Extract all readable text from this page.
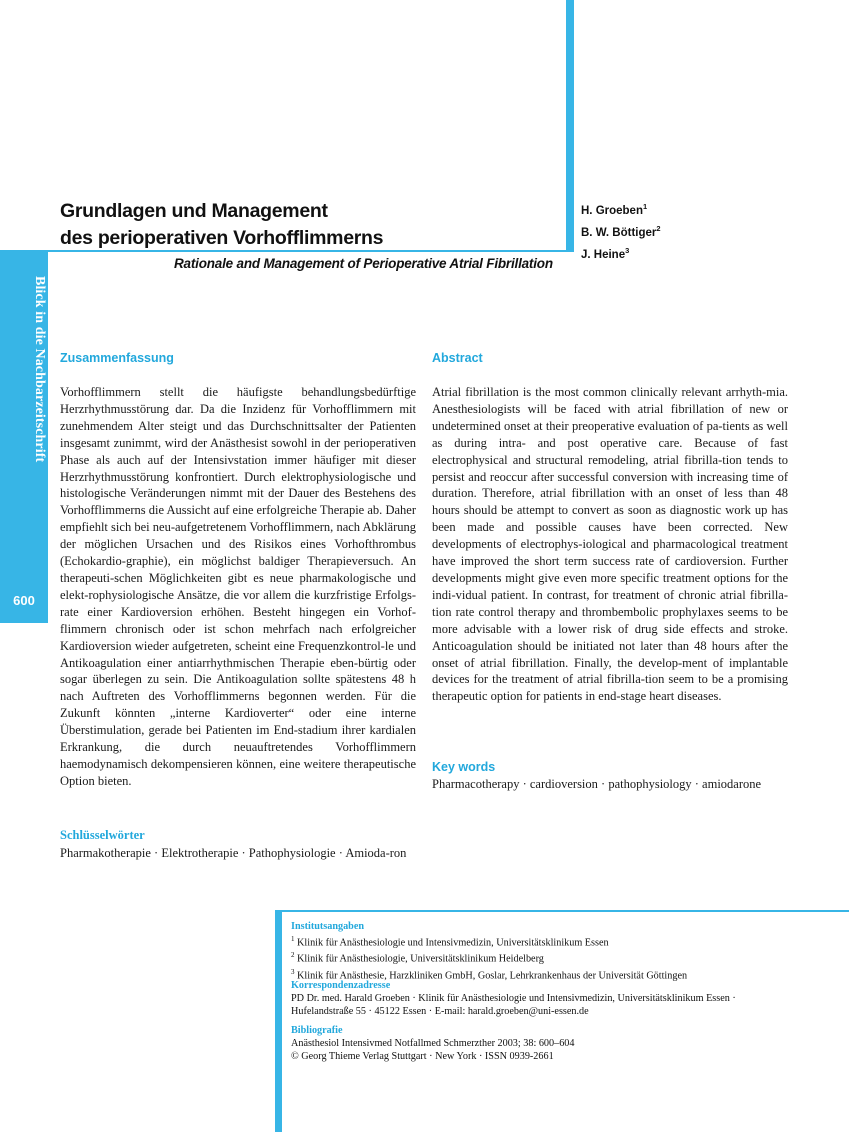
Blick in die Nachbarzeitschrift
600
Grundlagen und Management
des perioperativen Vorhofflimmerns
H. Groeben$^1$
B. W. Böttiger$^2$
J. Heine$^3$
Rationale and Management of Perioperative Atrial Fibrillation
Zusammenfassung
Vorhofflimmern stellt die häufigste behandlungsbedürftige Herzrhythmusstörung dar. Da die Inzidenz für Vorhofflimmern mit zunehmendem Alter steigt und das Durchschnittsalter der Patienten insgesamt zunimmt, wird der Anästhesist sowohl in der perioperativen Phase als auch auf der Intensivstation immer häufiger mit dieser Herzrhythmusstörung konfrontiert. Durch elektrophysiologische und histologische Veränderungen nimmt mit der Dauer des Bestehens des Vorhofflimmerns die Aussicht auf eine erfolgreiche Therapie ab. Daher empfiehlt sich bei neu-aufgetretenem Vorhofflimmern, nach Abklärung der möglichen Ursachen und des Risikos eines Vorhofthrombus (Echokardio-graphie), ein möglichst baldiger Therapieversuch. An therapeuti-schen Möglichkeiten gibt es neue pharmakologische und elekt-rophysiologische Ansätze, die vor allem die kurzfristige Erfolgs-rate einer Kardioversion erhöhen. Besteht hingegen ein Vorhof-flimmern chronisch oder ist schon mehrfach nach erfolgreicher Kardioversion wieder aufgetreten, scheint eine Frequenzkontrol-le und Antikoagulation einer antiarrhythmischen Therapie eben-bürtig oder sogar überlegen zu sein. Die Antikoagulation sollte spätestens 48 h nach Auftreten des Vorhofflimmerns begonnen werden. Für die Zukunft könnten „interne Kardioverter“ oder eine interne Überstimulation, gerade bei Patienten im End-stadium ihrer kardialen Erkrankung, die durch neuauftretendes Vorhofflimmern haemodynamisch dekompensieren können, eine weitere therapeutische Option bieten.
Schlüsselwörter
Pharmakotherapie · Elektrotherapie · Pathophysiologie · Amioda-ron
Abstract
Atrial fibrillation is the most common clinically relevant arrhyth-mia. Anesthesiologists will be faced with atrial fibrillation of new or undetermined onset at their preoperative evaluation of pa-tients as well as during intra- and post operative care. Because of fast electrophysical and structural remodeling, atrial fibrilla-tion tends to persist and reoccur after successful conversion with increasing time of duration. Therefore, atrial fibrillation with an onset of less than 48 hours should be attempt to convert as soon as diagnostic work up has been made and possible causes have been corrected. New developments of electrophys-iological and pharmacological treatment have improved the short term success rate of cardioversion. Further developments might give even more specific treatment options for the indi-vidual patient. In contrast, for treatment of chronic atrial fibrilla-tion rate control therapy and thrombembolic prophylaxes seems to be more advisable with a lower risk of drug side effects and stroke. Anticoagulation should be initiated not later than 48 hours after the onset of atrial fibrillation. Finally, the develop-ment of implantable devices for the treatment of atrial fibrilla-tion seem to be a promising therapeutic option for patients in end-stage heart diseases.
Key words
Pharmacotherapy · cardioversion · pathophysiology · amiodarone
Institutsangaben
$^1$ Klinik für Anästhesiologie und Intensivmedizin, Universitätsklinikum Essen
$^2$ Klinik für Anästhesiologie, Universitätsklinikum Heidelberg
$^3$ Klinik für Anästhesie, Harzkliniken GmbH, Goslar, Lehrkrankenhaus der Universität Göttingen
Korrespondenzadresse
PD Dr. med. Harald Groeben · Klinik für Anästhesiologie und Intensivmedizin, Universitätsklinikum Essen ·
Hufelandstraße 55 · 45122 Essen · E-mail: harald.groeben@uni-essen.de
Bibliografie
Anästhesiol Intensivmed Notfallmed Schmerzther 2003; 38: 600–604
© Georg Thieme Verlag Stuttgart · New York · ISSN 0939-2661
